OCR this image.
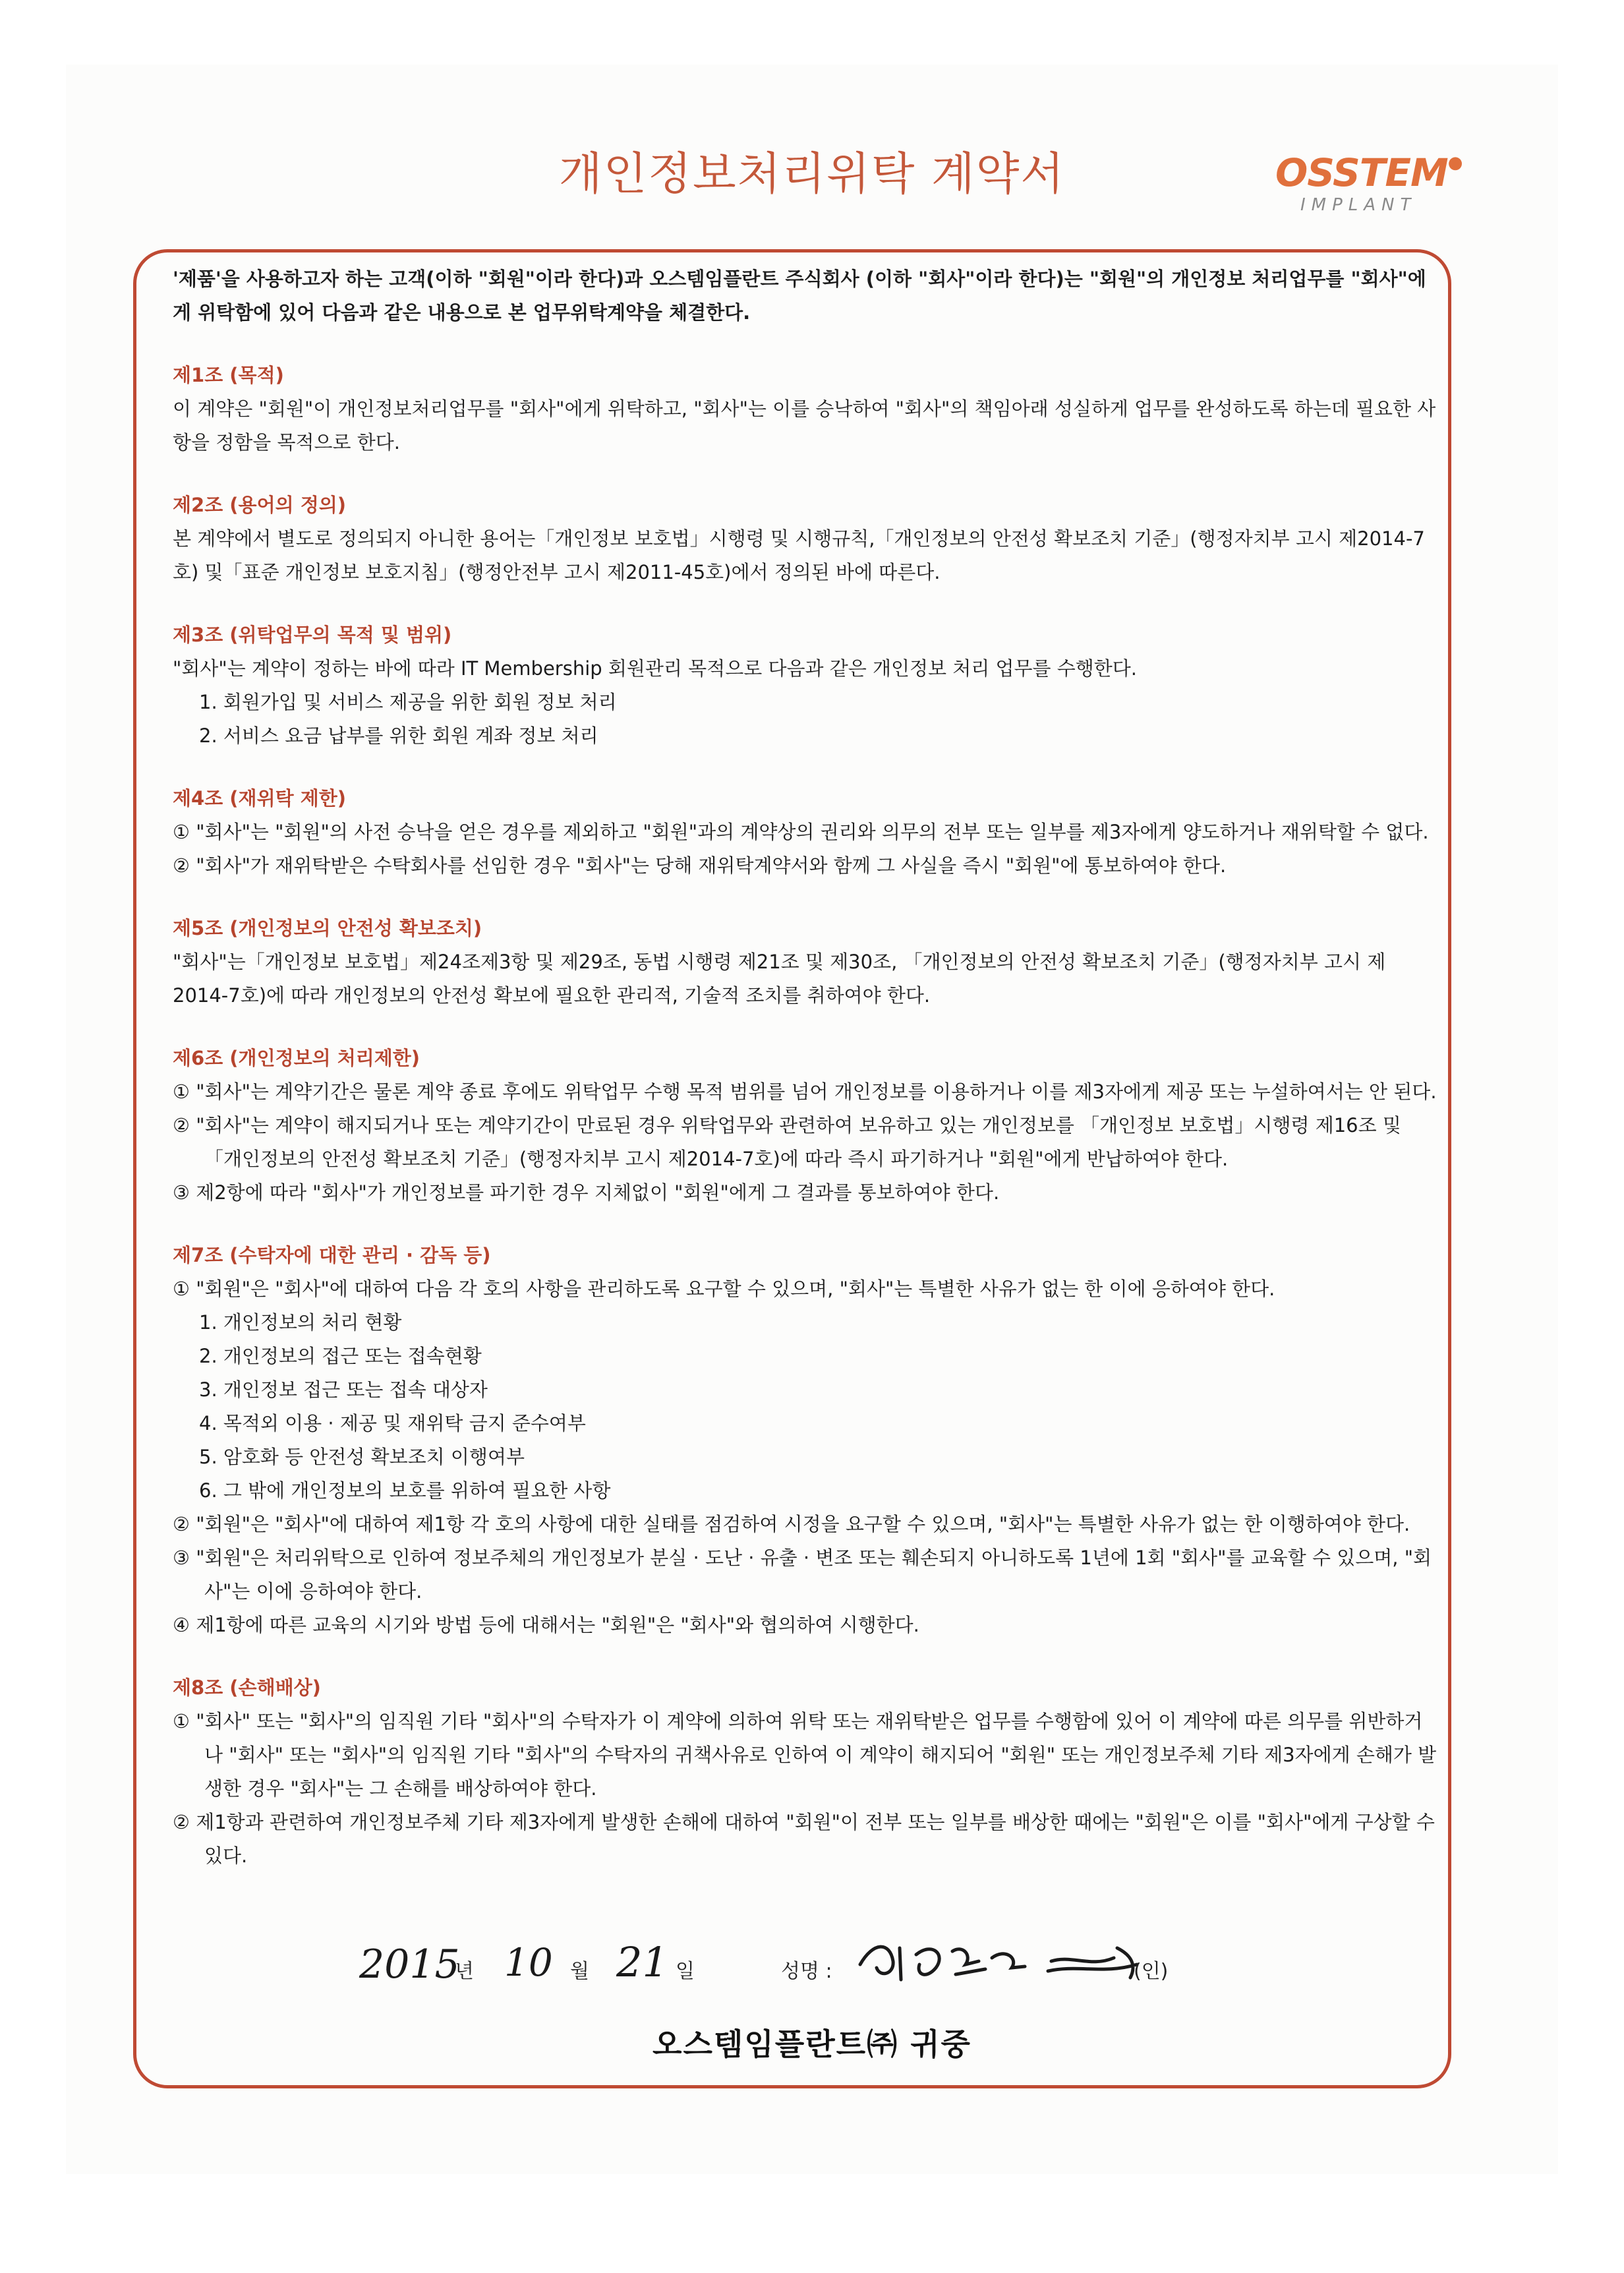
개인정보처리위탁 계약서	OSSTEM●
IMPLANT

'제품'을 사용하고자 하는 고객(이하 "회원"이라 한다)과 오스템임플란트 주식회사 (이하 "회사"이라 한다)는 "회원"의 개인정보 처리업무를 "회사"에게 위탁함에 있어 다음과 같은 내용으로 본 업무위탁계약을 체결한다.

제1조 (목적)

이 계약은 "회원"이 개인정보처리업무를 "회사"에게 위탁하고, "회사"는 이를 승낙하여 "회사"의 책임아래 성실하게 업무를 완성하도록 하는데 필요한 사항을 정함을 목적으로 한다.

제2조 (용어의 정의)

본 계약에서 별도로 정의되지 아니한 용어는「개인정보 보호법」시행령 및 시행규칙,「개인정보의 안전성 확보조치 기준」(행정자치부 고시 제2014-7호) 및「표준 개인정보 보호지침」(행정안전부 고시 제2011-45호)에서 정의된 바에 따른다.

제3조 (위탁업무의 목적 및 범위)

"회사"는 계약이 정하는 바에 따라 IT Membership 회원관리 목적으로 다음과 같은 개인정보 처리 업무를 수행한다.

1. 회원가입 및 서비스 제공을 위한 회원 정보 처리

2. 서비스 요금 납부를 위한 회원 계좌 정보 처리

제4조 (재위탁 제한)

① "회사"는 "회원"의 사전 승낙을 얻은 경우를 제외하고 "회원"과의 계약상의 권리와 의무의 전부 또는 일부를 제3자에게 양도하거나 재위탁할 수 없다.

② "회사"가 재위탁받은 수탁회사를 선임한 경우 "회사"는 당해 재위탁계약서와 함께 그 사실을 즉시 "회원"에 통보하여야 한다.

제5조 (개인정보의 안전성 확보조치)

"회사"는「개인정보 보호법」제24조제3항 및 제29조, 동법 시행령 제21조 및 제30조, 「개인정보의 안전성 확보조치 기준」(행정자치부 고시 제2014-7호)에 따라 개인정보의 안전성 확보에 필요한 관리적, 기술적 조치를 취하여야 한다.

제6조 (개인정보의 처리제한)

① "회사"는 계약기간은 물론 계약 종료 후에도 위탁업무 수행 목적 범위를 넘어 개인정보를 이용하거나 이를 제3자에게 제공 또는 누설하여서는 안 된다.

② "회사"는 계약이 해지되거나 또는 계약기간이 만료된 경우 위탁업무와 관련하여 보유하고 있는 개인정보를 「개인정보 보호법」시행령 제16조 및 「개인정보의 안전성 확보조치 기준」(행정자치부 고시 제2014-7호)에 따라 즉시 파기하거나 "회원"에게 반납하여야 한다.

③ 제2항에 따라 "회사"가 개인정보를 파기한 경우 지체없이 "회원"에게 그 결과를 통보하여야 한다.

제7조 (수탁자에 대한 관리 · 감독 등)

① "회원"은 "회사"에 대하여 다음 각 호의 사항을 관리하도록 요구할 수 있으며, "회사"는 특별한 사유가 없는 한 이에 응하여야 한다.

1. 개인정보의 처리 현황

2. 개인정보의 접근 또는 접속현황

3. 개인정보 접근 또는 접속 대상자

4. 목적외 이용 · 제공 및 재위탁 금지 준수여부

5. 암호화 등 안전성 확보조치 이행여부

6. 그 밖에 개인정보의 보호를 위하여 필요한 사항

② "회원"은 "회사"에 대하여 제1항 각 호의 사항에 대한 실태를 점검하여 시정을 요구할 수 있으며, "회사"는 특별한 사유가 없는 한 이행하여야 한다.

③ "회원"은 처리위탁으로 인하여 정보주체의 개인정보가 분실 · 도난 · 유출 · 변조 또는 훼손되지 아니하도록 1년에 1회 "회사"를 교육할 수 있으며, "회사"는 이에 응하여야 한다.

④ 제1항에 따른 교육의 시기와 방법 등에 대해서는 "회원"은 "회사"와 협의하여 시행한다.

제8조 (손해배상)

① "회사" 또는 "회사"의 임직원 기타 "회사"의 수탁자가 이 계약에 의하여 위탁 또는 재위탁받은 업무를 수행함에 있어 이 계약에 따른 의무를 위반하거나 "회사" 또는 "회사"의 임직원 기타 "회사"의 수탁자의 귀책사유로 인하여 이 계약이 해지되어 "회원" 또는 개인정보주체 기타 제3자에게 손해가 발생한 경우 "회사"는 그 손해를 배상하여야 한다.

② 제1항과 관련하여 개인정보주체 기타 제3자에게 발생한 손해에 대하여 "회원"이 전부 또는 일부를 배상한 때에는 "회원"은 이를 "회사"에게 구상할 수 있다.

2015
년 10 월 21 일	성명 :	(인)
오스템임플란트㈜ 귀중
